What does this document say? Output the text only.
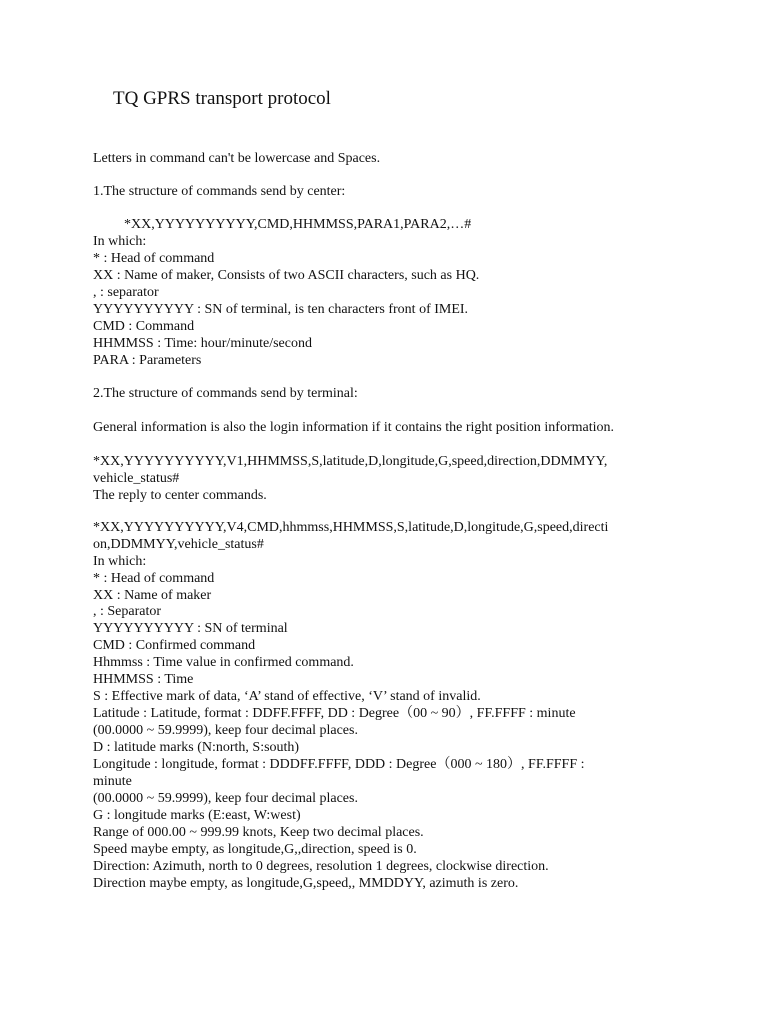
TQ GPRS transport protocol
Letters in command can't be lowercase and Spaces.
1.The structure of commands send by center:
*XX,YYYYYYYYYY,CMD,HHMMSS,PARA1,PARA2,…#
In which:
* : Head of command
XX : Name of maker, Consists of two ASCII characters, such as HQ.
, : separator
YYYYYYYYYY : SN of terminal, is ten characters front of IMEI.
CMD : Command
HHMMSS : Time: hour/minute/second
PARA : Parameters
2.The structure of commands send by terminal:
General information is also the login information if it contains the right position information.
*XX,YYYYYYYYYY,V1,HHMMSS,S,latitude,D,longitude,G,speed,direction,DDMMYY,
vehicle_status#
The reply to center commands.
*XX,YYYYYYYYYY,V4,CMD,hhmmss,HHMMSS,S,latitude,D,longitude,G,speed,directi
on,DDMMYY,vehicle_status#
In which:
* : Head of command
XX : Name of maker
, : Separator
YYYYYYYYYY : SN of terminal
CMD : Confirmed command
Hhmmss : Time value in confirmed command.
HHMMSS : Time
S : Effective mark of data, ‘A’ stand of effective, ‘V’ stand of invalid.
Latitude : Latitude, format : DDFF.FFFF, DD : Degree（00 ~ 90）, FF.FFFF : minute
(00.0000 ~ 59.9999), keep four decimal places.
D : latitude marks (N:north, S:south)
Longitude : longitude, format : DDDFF.FFFF, DDD : Degree（000 ~ 180）, FF.FFFF :
minute
(00.0000 ~ 59.9999), keep four decimal places.
G : longitude marks (E:east, W:west)
Range of 000.00 ~ 999.99 knots, Keep two decimal places.
Speed maybe empty, as longitude,G,,direction, speed is 0.
Direction: Azimuth, north to 0 degrees, resolution 1 degrees, clockwise direction.
Direction maybe empty, as longitude,G,speed,, MMDDYY, azimuth is zero.
